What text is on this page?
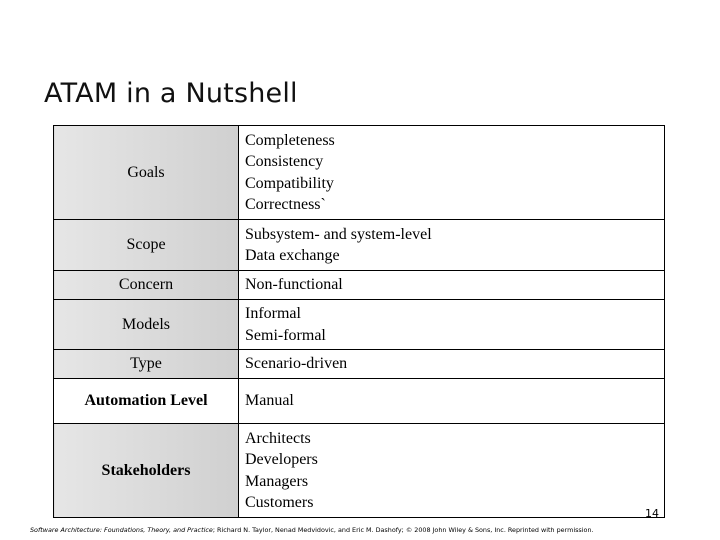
ATAM in a Nutshell
Goals	Completeness
Consistency
Compatibility
Correctness`

Scope	Subsystem- and system-level
Data exchange

Concern	Non-functional

Models	Informal
Semi-formal

Type	Scenario-driven

Automation Level	Manual

Stakeholders	Architects
Developers
Managers
Customers
14
Software Architecture: Foundations, Theory, and Practice; Richard N. Taylor, Nenad Medvidovic, and Eric M. Dashofy; © 2008 John Wiley & Sons, Inc. Reprinted with permission.
